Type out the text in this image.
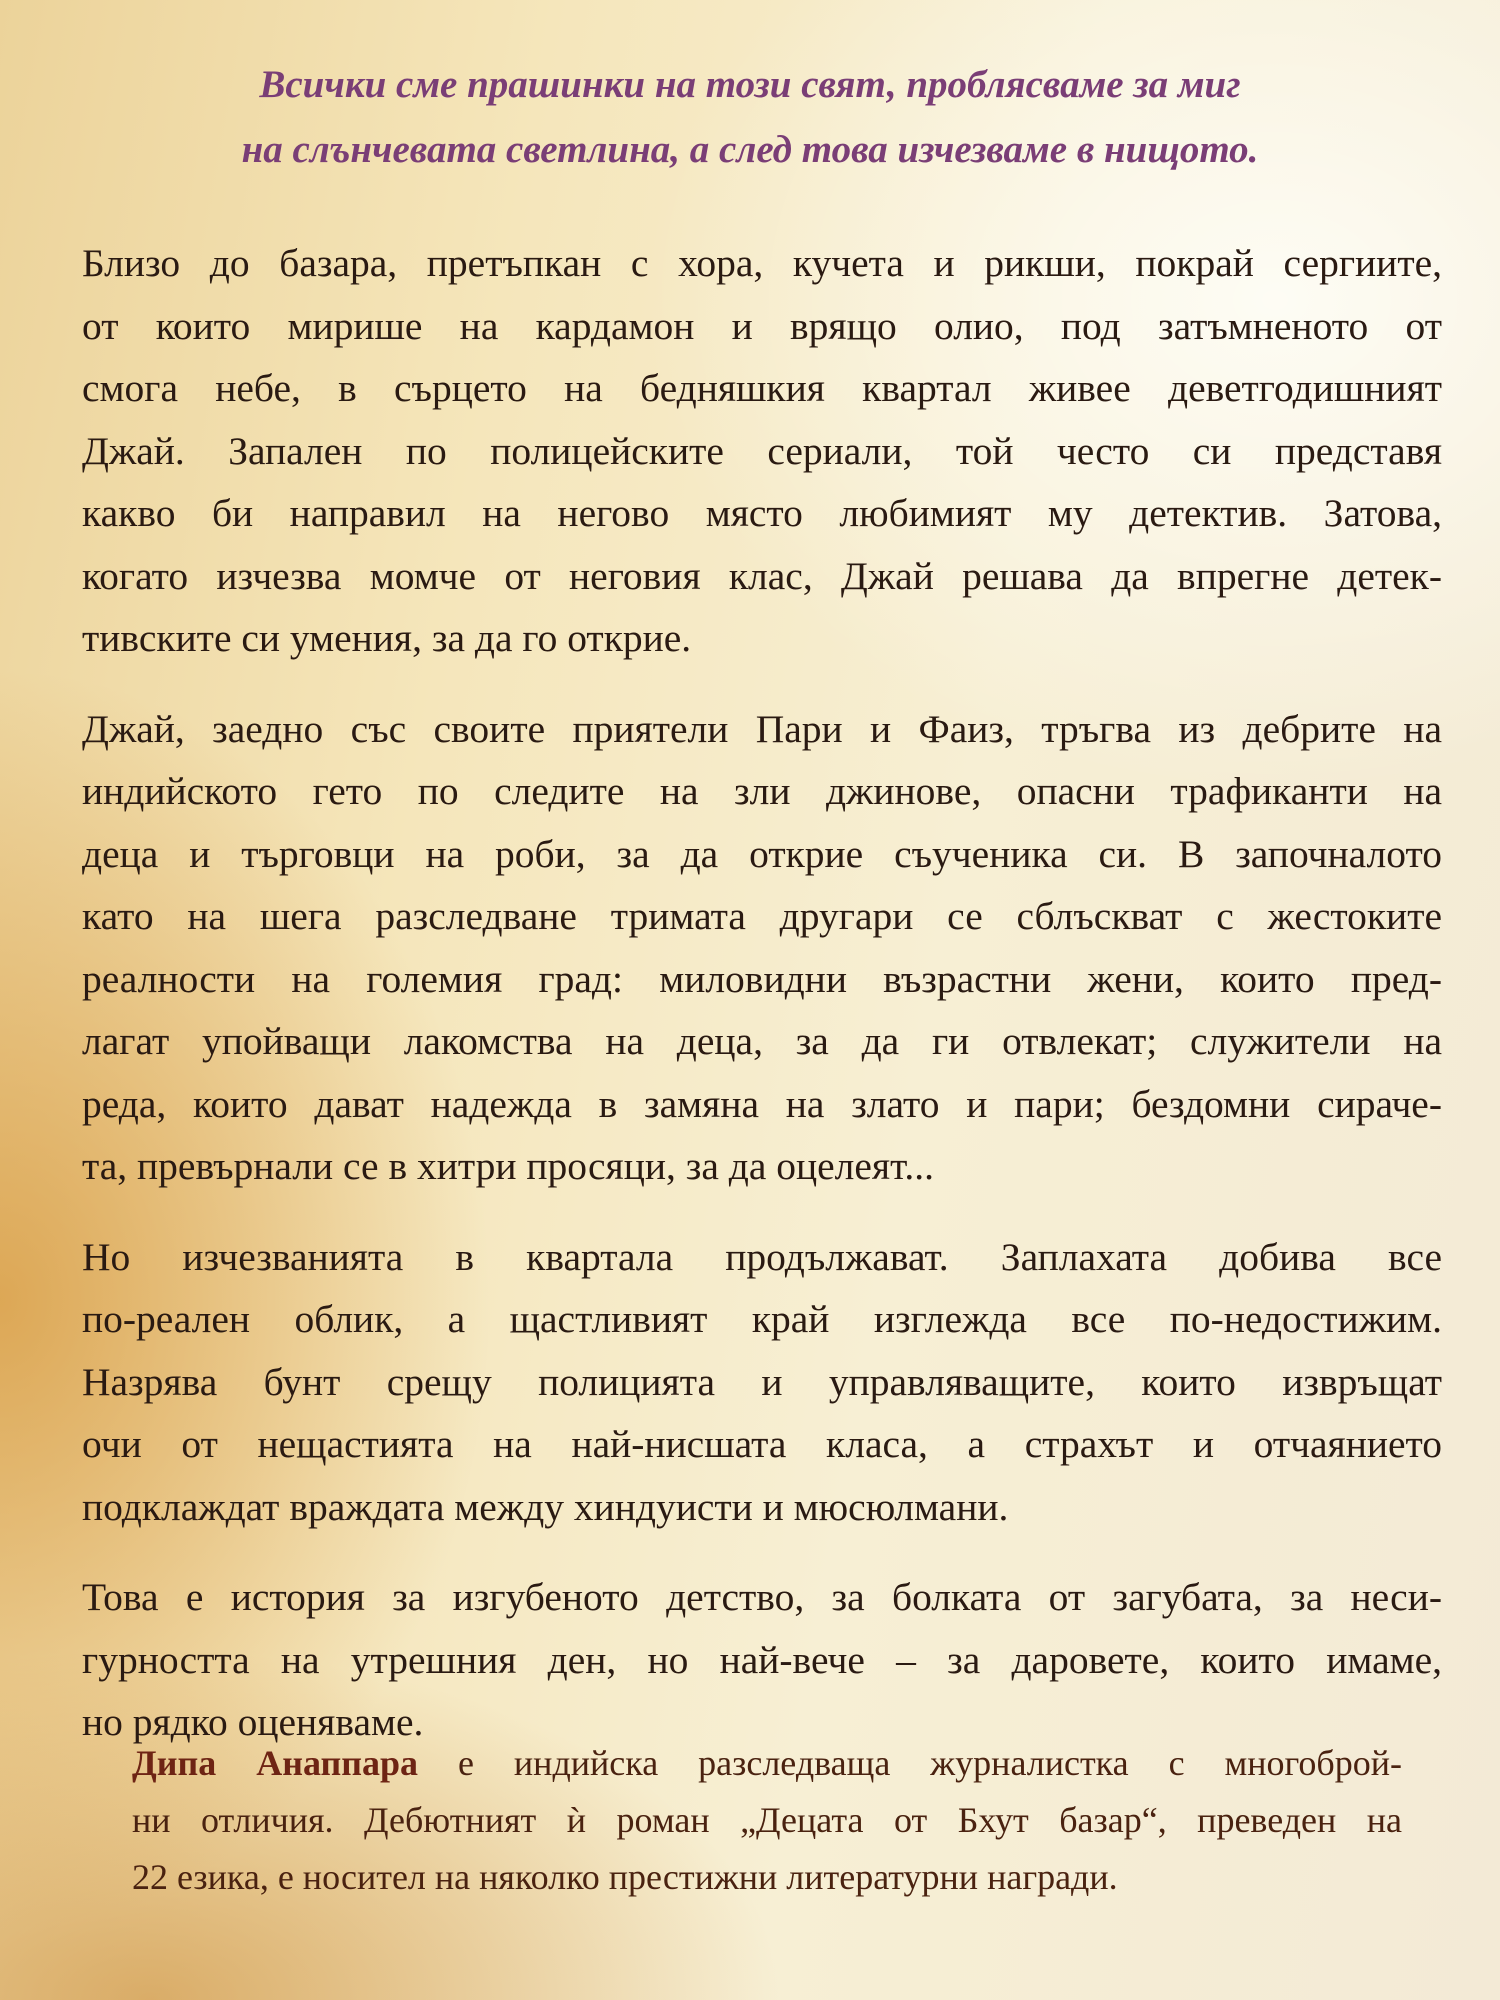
Всички сме прашинки на този свят, проблясваме за миг
на слънчевата светлина, а след това изчезваме в нищото.

Близо до базара, претъпкан с хора, кучета и рикши, покрай сергиите,
от които мирише на кардамон и врящо олио, под затъмненото от
смога небе, в сърцето на бедняшкия квартал живее деветгодишният
Джай. Запален по полицейските сериали, той често си представя
какво би направил на негово място любимият му детектив. Затова,
когато изчезва момче от неговия клас, Джай решава да впрегне детек-
тивските си умения, за да го открие.

Джай, заедно със своите приятели Пари и Фаиз, тръгва из дебрите на
индийското гето по следите на зли джинове, опасни трафиканти на
деца и търговци на роби, за да открие съученика си. В започналото
като на шега разследване тримата другари се сблъскват с жестоките
реалности на големия град: миловидни възрастни жени, които пред-
лагат упойващи лакомства на деца, за да ги отвлекат; служители на
реда, които дават надежда в замяна на злато и пари; бездомни сираче-
та, превърнали се в хитри просяци, за да оцелеят...

Но изчезванията в квартала продължават. Заплахата добива все
по-реален облик, а щастливият край изглежда все по-недостижим.
Назрява бунт срещу полицията и управляващите, които извръщат
очи от нещастията на най-нисшата класа, а страхът и отчаянието
подклаждат враждата между хиндуисти и мюсюлмани.

Това е история за изгубеното детство, за болката от загубата, за неси-
гурността на утрешния ден, но най-вече – за даровете, които имаме,
но рядко оценяваме.

Дипа Анаппара е индийска разследваща журналистка с многоброй-
ни отличия. Дебютният ѝ роман „Децата от Бхут базар“, преведен на
22 езика, е носител на няколко престижни литературни награди.
